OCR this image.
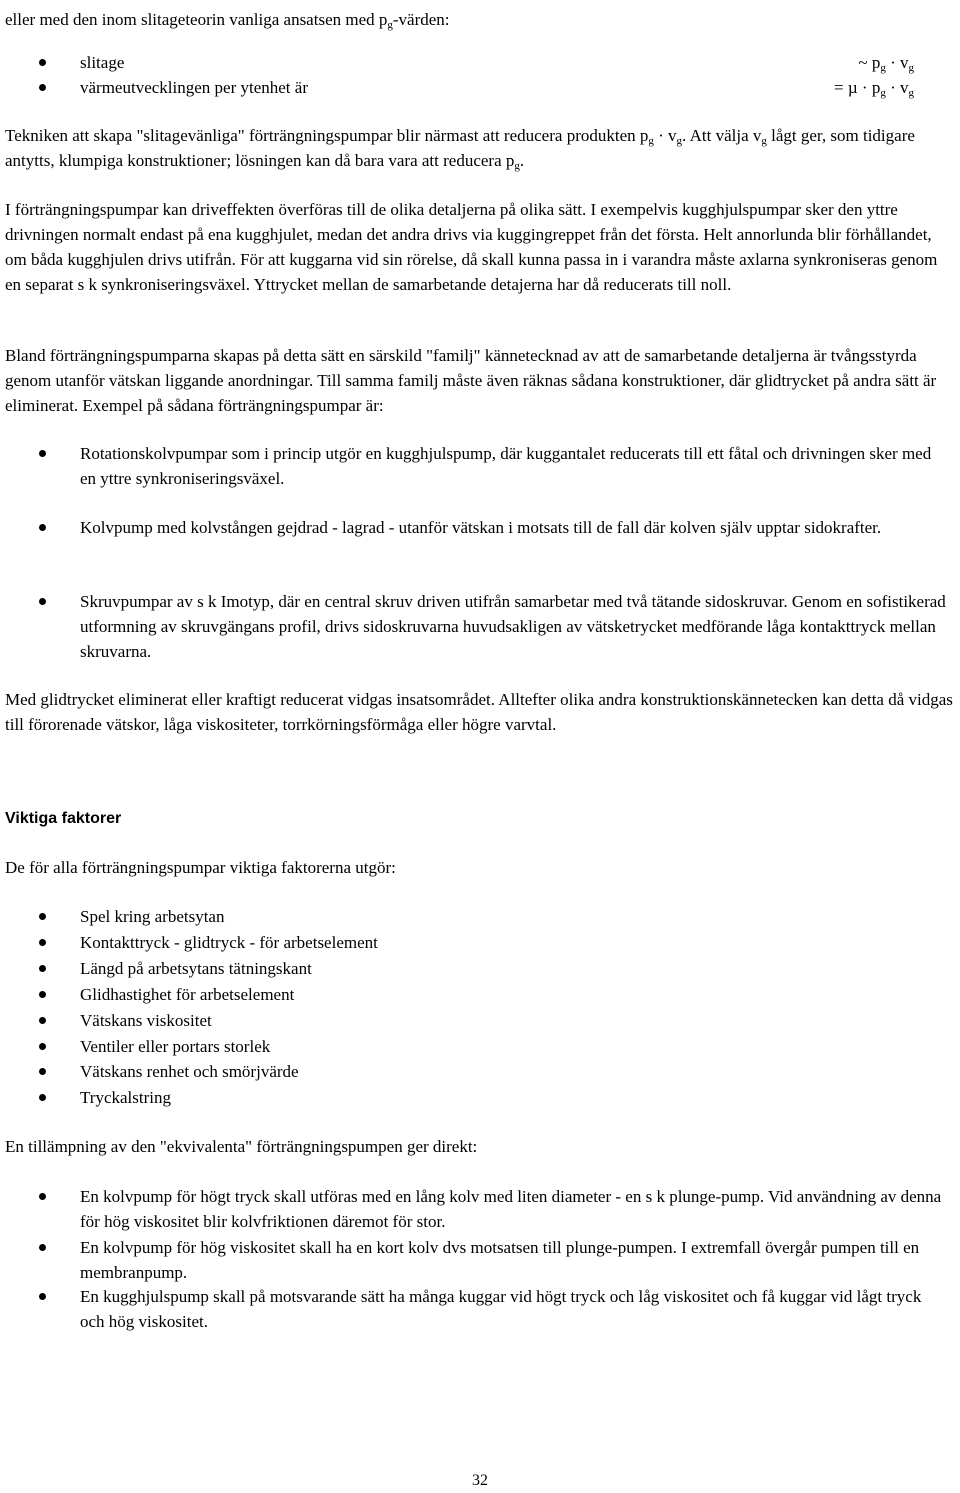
eller med den inom slitageteorin vanliga ansatsen med $p_g$-värden:

slitage	~ $p_g \cdot v_g$
värmeutvecklingen per ytenhet är	= $\mu \cdot p_g \cdot v_g$

Tekniken att skapa "slitagevänliga" förträngningspumpar blir närmast att reducera produkten $p_g \cdot v_g$. Att välja $v_g$ lågt ger, som tidigare antytts, klumpiga konstruktioner; lösningen kan då bara vara att reducera $p_g$.

I förträngningspumpar kan driveffekten överföras till de olika detaljerna på olika sätt. I exempelvis kugghjulspumpar sker den yttre drivningen normalt endast på ena kugghjulet, medan det andra drivs via kuggingreppet från det första. Helt annorlunda blir förhållandet, om båda kugghjulen drivs utifrån. För att kuggarna vid sin rörelse, då skall kunna passa in i varandra måste axlarna synkroniseras genom en separat s k synkroniseringsväxel. Yttrycket mellan de samarbetande detajerna har då reducerats till noll.

Bland förträngningspumparna skapas på detta sätt en särskild "familj" kännetecknad av att de samarbetande detaljerna är tvångsstyrda genom utanför vätskan liggande anordningar. Till samma familj måste även räknas sådana konstruktioner, där glidtrycket på andra sätt är eliminerat. Exempel på sådana förträngningspumpar är:

Rotationskolvpumpar som i princip utgör en kugghjulspump, där kuggantalet reducerats till ett fåtal och drivningen sker med en yttre synkroniseringsväxel.
Kolvpump med kolvstången gejdrad - lagrad - utanför vätskan i motsats till de fall där kolven själv upptar sidokrafter.
Skruvpumpar av s k Imotyp, där en central skruv driven utifrån samarbetar med två tätande sidoskruvar. Genom en sofistikerad utformning av skruvgängans profil, drivs sidoskruvarna huvudsakligen av vätsketrycket medförande låga kontakttryck mellan skruvarna.

Med glidtrycket eliminerat eller kraftigt reducerat vidgas insatsområdet. Alltefter olika andra konstruktionskännetecken kan detta då vidgas till förorenade vätskor, låga viskositeter, torrkörningsförmåga eller högre varvtal.

Viktiga faktorer

De för alla förträngningspumpar viktiga faktorerna utgör:

Spel kring arbetsytan
Kontakttryck - glidtryck - för arbetselement
Längd på arbetsytans tätningskant
Glidhastighet för arbetselement
Vätskans viskositet
Ventiler eller portars storlek
Vätskans renhet och smörjvärde
Tryckalstring

En tillämpning av den "ekvivalenta" förträngningspumpen ger direkt:

En kolvpump för högt tryck skall utföras med en lång kolv med liten diameter - en s k plunge-pump. Vid användning av denna för hög viskositet blir kolvfriktionen däremot för stor.
En kolvpump för hög viskositet skall ha en kort kolv dvs motsatsen till plunge-pumpen. I extremfall övergår pumpen till en membranpump.
En kugghjulspump skall på motsvarande sätt ha många kuggar vid högt tryck och låg viskositet och få kuggar vid lågt tryck och hög viskositet.
32
